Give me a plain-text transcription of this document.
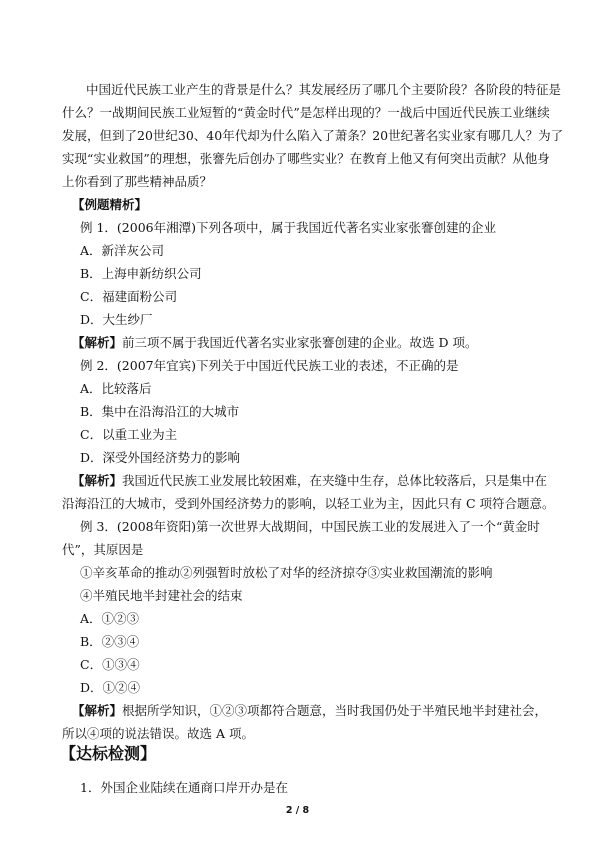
中国近代民族工业产生的背景是什么？其发展经历了哪几个主要阶段？各阶段的特征是
什么？一战期间民族工业短暂的“黄金时代”是怎样出现的？一战后中国近代民族工业继续
发展，但到了20世纪30、40年代却为什么陷入了萧条？20世纪著名实业家有哪几人？为了
实现“实业救国”的理想，张謇先后创办了哪些实业？在教育上他又有何突出贡献？从他身
上你看到了那些精神品质？
【例题精析】
例 1．(2006年湘潭)下列各项中，属于我国近代著名实业家张謇创建的企业
A．新洋灰公司
B．上海申新纺织公司
C．福建面粉公司
D．大生纱厂
【解析】前三项不属于我国近代著名实业家张謇创建的企业。故选 D 项。
例 2．(2007年宜宾)下列关于中国近代民族工业的表述，不正确的是
A．比较落后
B．集中在沿海沿江的大城市
C．以重工业为主
D．深受外国经济势力的影响
【解析】我国近代民族工业发展比较困难，在夹缝中生存，总体比较落后，只是集中在
沿海沿江的大城市，受到外国经济势力的影响，以轻工业为主，因此只有 C 项符合题意。
例 3．(2008年资阳)第一次世界大战期间，中国民族工业的发展进入了一个“黄金时
代”，其原因是
①辛亥革命的推动②列强暂时放松了对华的经济掠夺③实业救国潮流的影响
④半殖民地半封建社会的结束
A．①②③
B．②③④
C．①③④
D．①②④
【解析】根据所学知识，①②③项都符合题意，当时我国仍处于半殖民地半封建社会，
所以④项的说法错误。故选 A 项。
【达标检测】
2 / 8
1．外国企业陆续在通商口岸开办是在
